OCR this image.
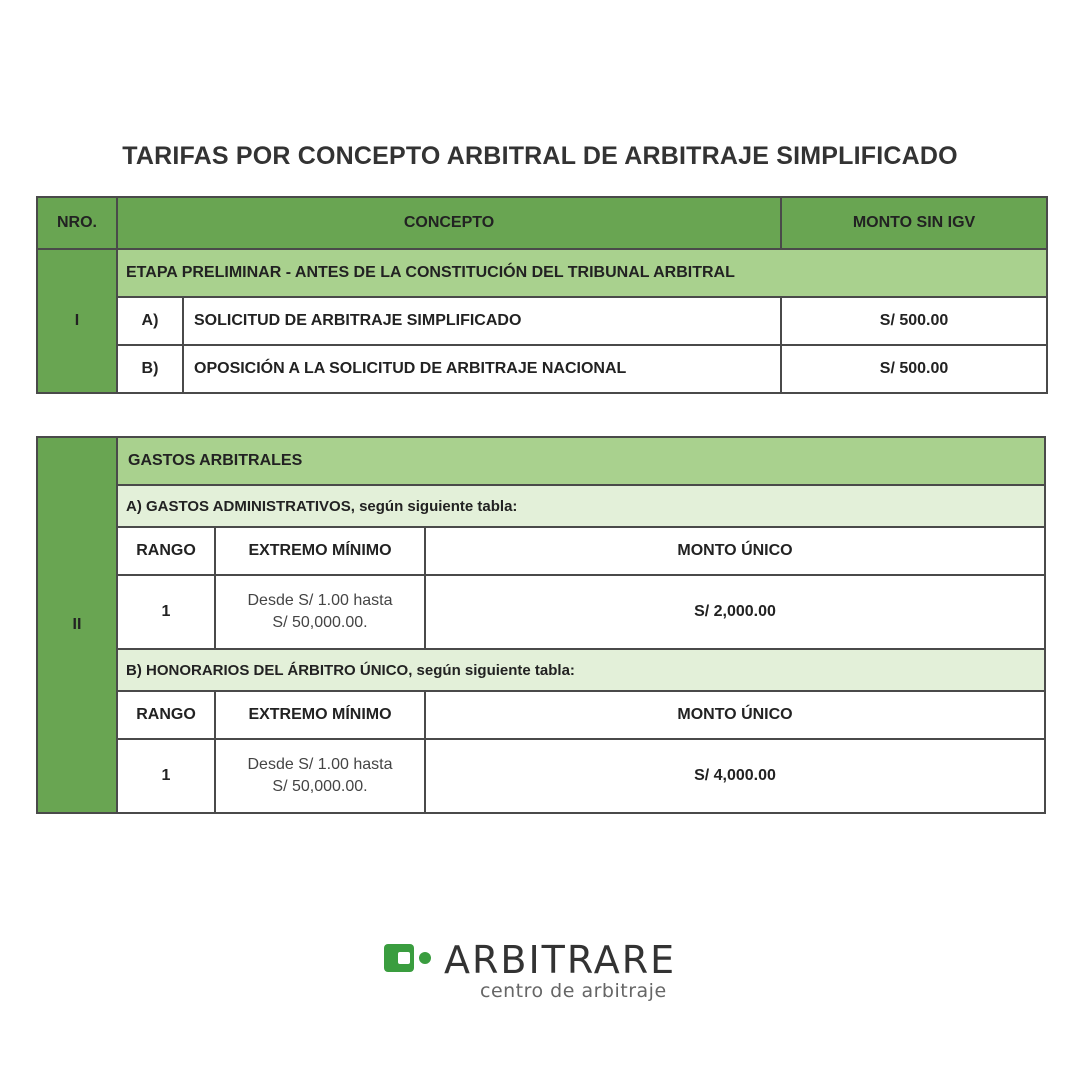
TARIFAS POR CONCEPTO ARBITRAL DE ARBITRAJE SIMPLIFICADO
NRO.	CONCEPTO		MONTO SIN IGV
I	ETAPA PRELIMINAR - ANTES DE LA CONSTITUCIÓN DEL TRIBUNAL ARBITRAL		
	A)	SOLICITUD DE ARBITRAJE SIMPLIFICADO	S/ 500.00
	B)	OPOSICIÓN A LA SOLICITUD DE ARBITRAJE NACIONAL	S/ 500.00
II	GASTOS ARBITRALES		
	A) GASTOS ADMINISTRATIVOS, según siguiente tabla:		
	RANGO	EXTREMO MÍNIMO	MONTO ÚNICO
	1	Desde S/ 1.00 hasta
S/ 50,000.00.	S/ 2,000.00
	B) HONORARIOS DEL ÁRBITRO ÚNICO, según siguiente tabla:		
	RANGO	EXTREMO MÍNIMO	MONTO ÚNICO
	1	Desde S/ 1.00 hasta
S/ 50,000.00.	S/ 4,000.00
ARBITRARE
centro de arbitraje
